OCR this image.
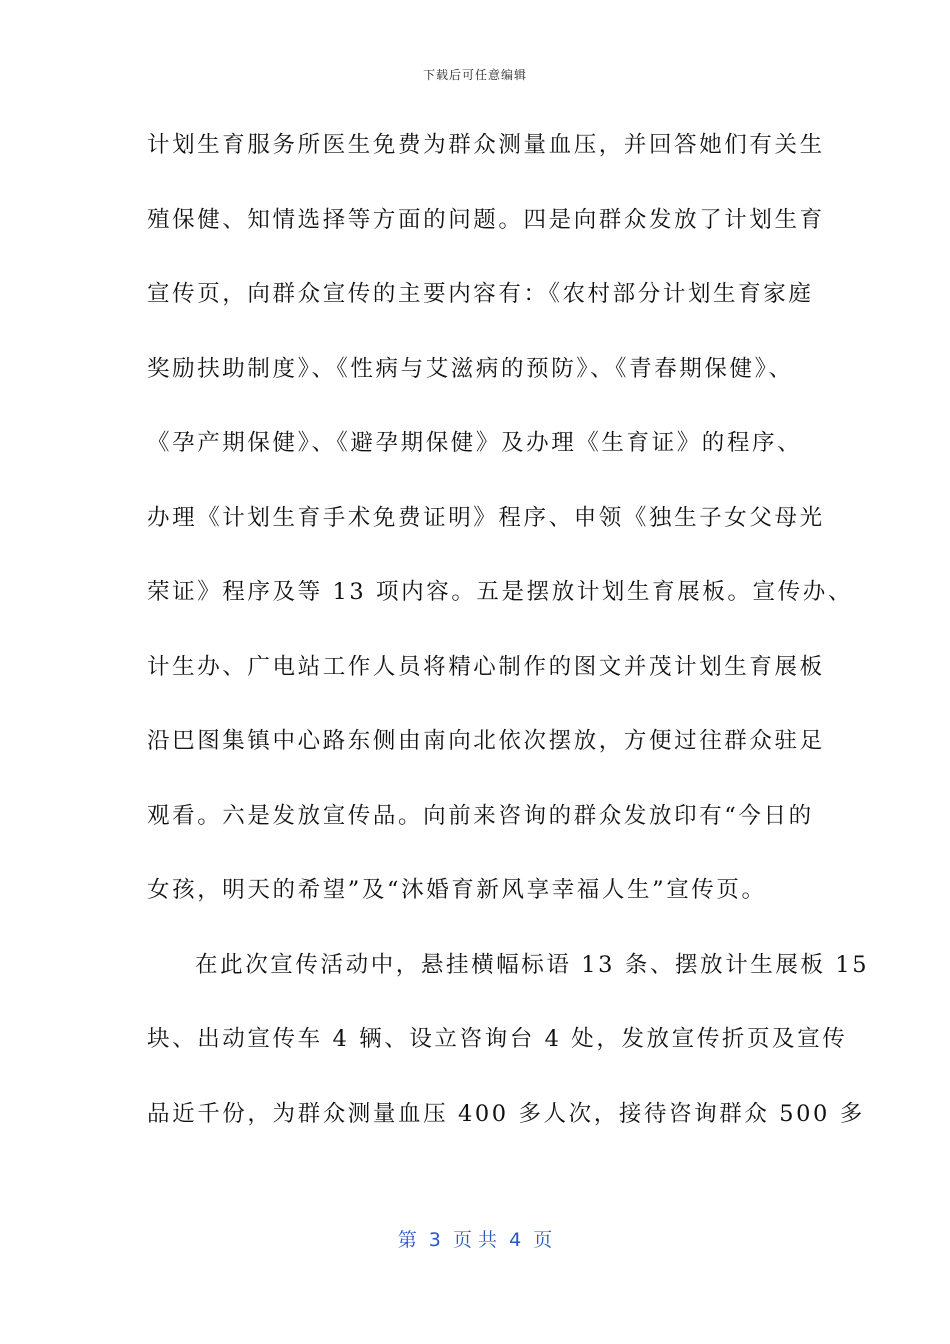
下载后可任意编辑
计划生育服务所医生免费为群众测量血压，并回答她们有关生
殖保健、知情选择等方面的问题。四是向群众发放了计划生育
宣传页，向群众宣传的主要内容有：《农村部分计划生育家庭
奖励扶助制度》、《性病与艾滋病的预防》、《青春期保健》、
《孕产期保健》、《避孕期保健》及办理《生育证》的程序、
办理《计划生育手术免费证明》程序、申领《独生子女父母光
荣证》程序及等 13 项内容。五是摆放计划生育展板。宣传办、
计生办、广电站工作人员将精心制作的图文并茂计划生育展板
沿巴图集镇中心路东侧由南向北依次摆放，方便过往群众驻足
观看。六是发放宣传品。向前来咨询的群众发放印有“今日的
女孩，明天的希望”及“沐婚育新风享幸福人生”宣传页。
在此次宣传活动中，悬挂横幅标语 13 条、摆放计生展板 15
块、出动宣传车 4 辆、设立咨询台 4 处，发放宣传折页及宣传
品近千份，为群众测量血压 400 多人次，接待咨询群众 500 多
第  3  页 共  4  页
